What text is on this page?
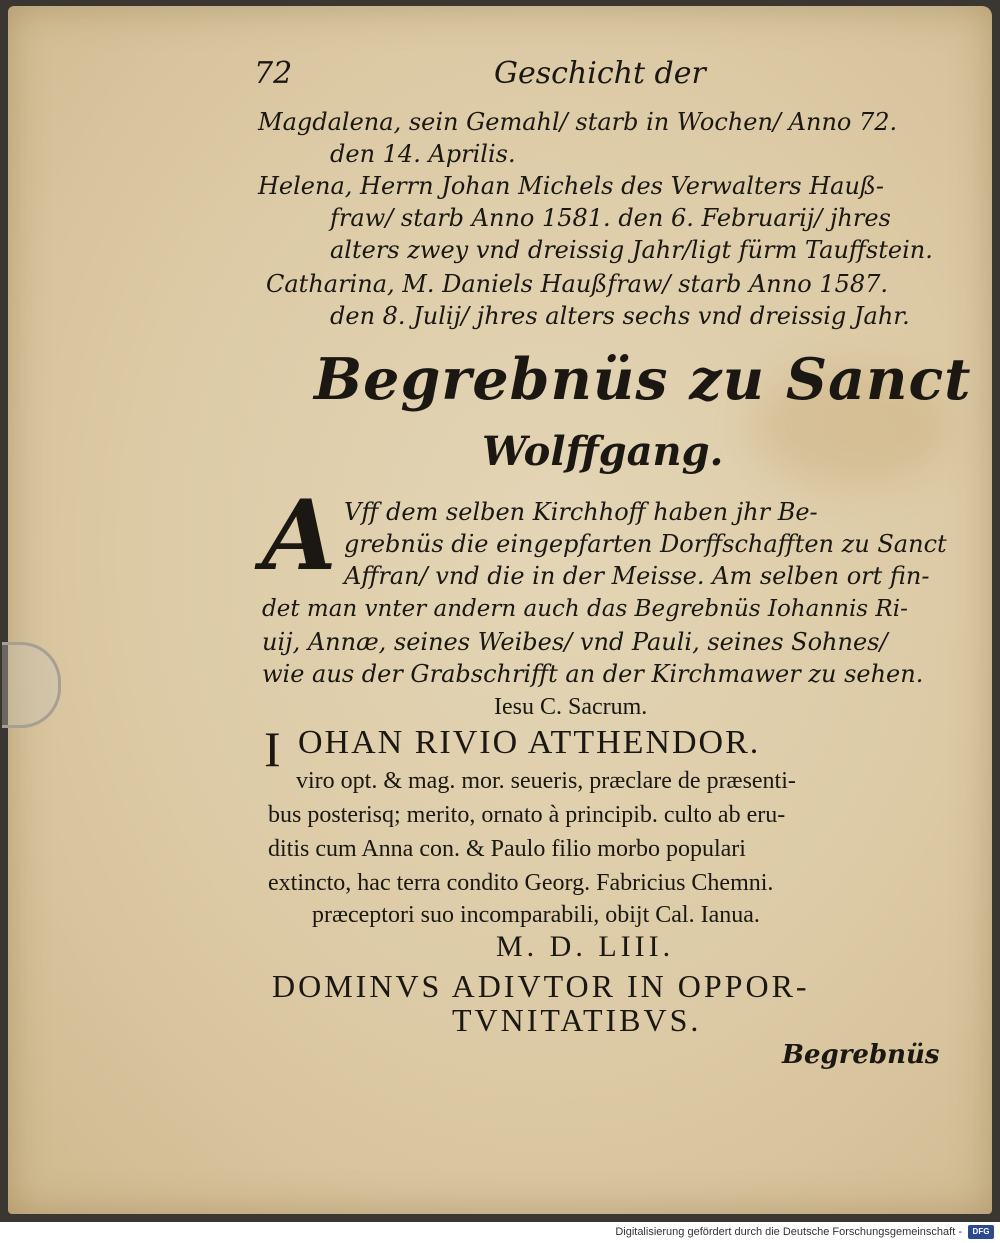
72	Geschicht der
Magdalena, sein Gemahl/ starb in Wochen/ Anno 72.
den 14. Aprilis.
Helena, Herrn Johan Michels des Verwalters Hauß-
fraw/ starb Anno 1581. den 6. Februarij/ jhres
alters zwey vnd dreissig Jahr/ligt fürm Tauffstein.
Catharina, M. Daniels Haußfraw/ starb Anno 1587.
den 8. Julij/ jhres alters sechs vnd dreissig Jahr.
Begrebnüs zu Sanct
Wolffgang.
A Vff dem selben Kirchhoff haben jhr Be-
grebnüs die eingepfarten Dorffschafften zu Sanct
Affran/ vnd die in der Meisse. Am selben ort fin-
det man vnter andern auch das Begrebnüs Iohannis Ri-
uij, Annæ, seines Weibes/ vnd Pauli, seines Sohnes/
wie aus der Grabschrifft an der Kirchmawer zu sehen.
Iesu C. Sacrum.
I OHAN RIVIO ATTHENDOR.
viro opt. & mag. mor. seueris, præclare de præsenti-
bus posterisq; merito, ornato à principib. culto ab eru-
ditis cum Anna con. & Paulo filio morbo populari
extincto, hac terra condito Georg. Fabricius Chemni.
præceptori suo incomparabili, obijt Cal. Ianua.
M. D. LIII.
DOMINVS ADIVTOR IN OPPOR-
TVNITATIBVS.
Begrebnüs
Digitalisierung gefördert durch die Deutsche Forschungsgemeinschaft -	DFG
